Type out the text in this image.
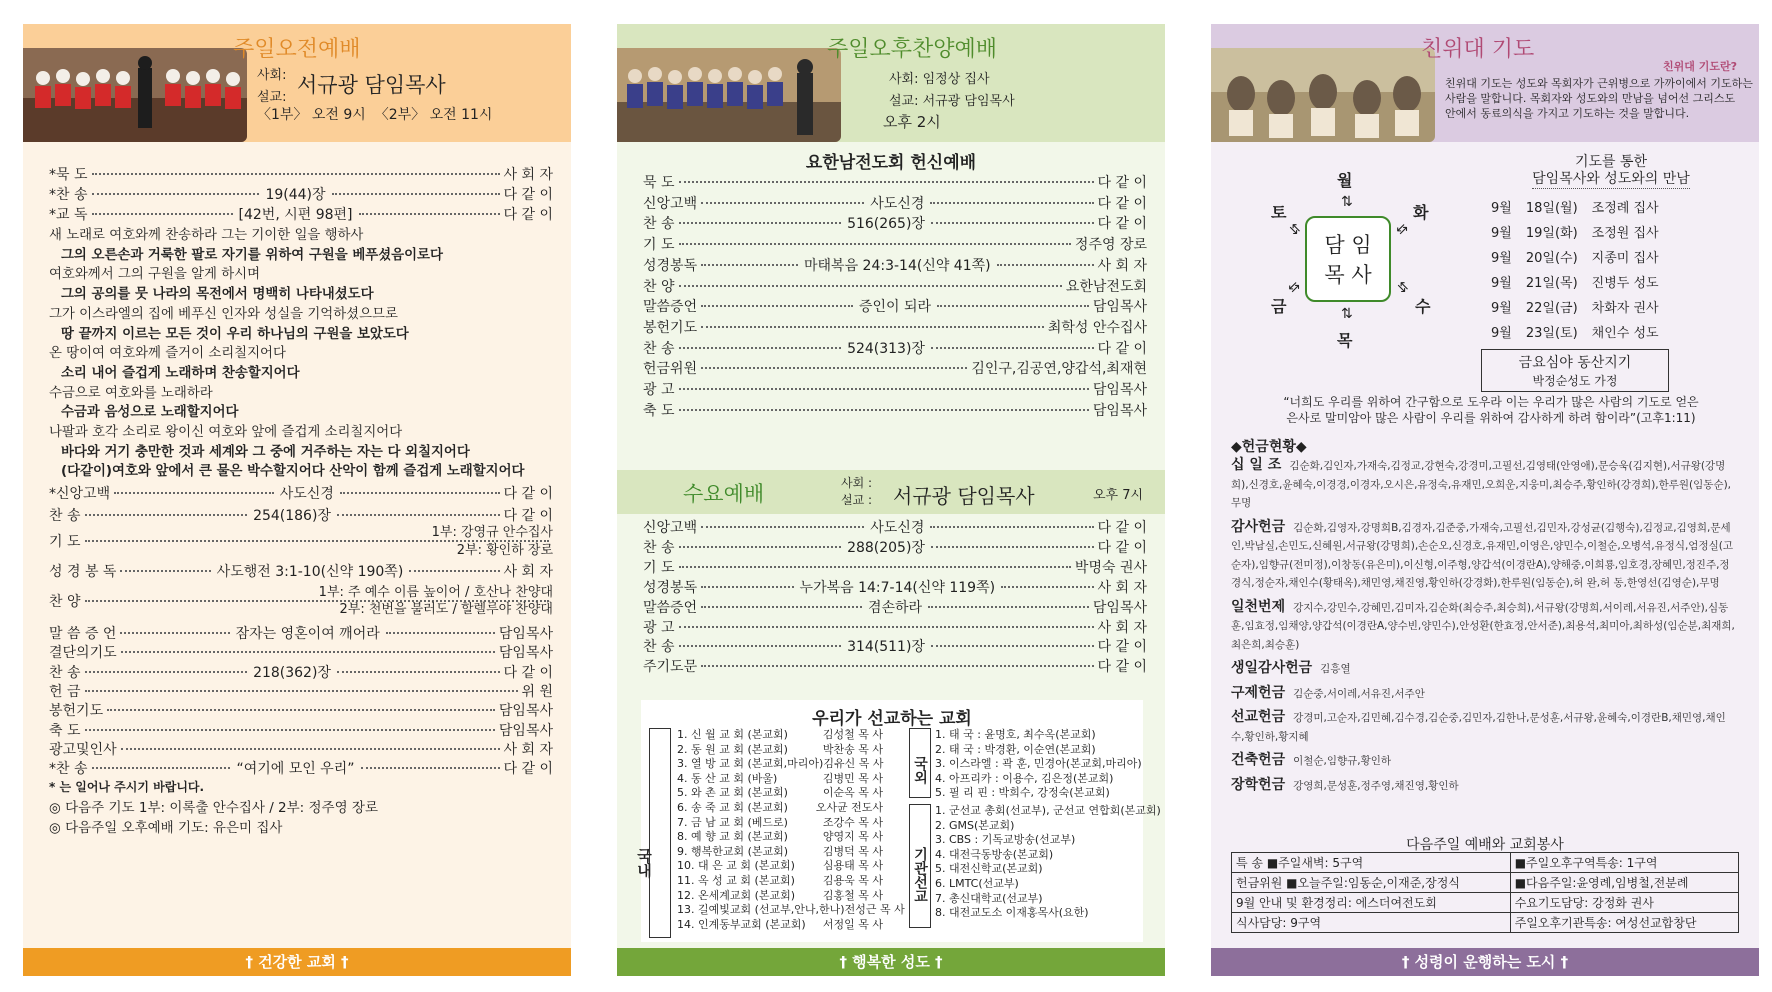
주일오전예배
사회:
설교:
서규광 담임목사
〈1부〉 오전 9시  〈2부〉 오전 11시
*묵 도	사 회 자
*찬 송	19(44)장	다 같 이
*교 독	[42번, 시편 98편]	다 같 이
새 노래로 여호와께 찬송하라 그는 기이한 일을 행하사
그의 오른손과 거룩한 팔로 자기를 위하여 구원을 베푸셨음이로다
여호와께서 그의 구원을 알게 하시며
그의 공의를 뭇 나라의 목전에서 명백히 나타내셨도다
그가 이스라엘의 집에 베푸신 인자와 성실을 기억하셨으므로
땅 끝까지 이르는 모든 것이 우리 하나님의 구원을 보았도다
온 땅이여 여호와께 즐거이 소리칠지어다
소리 내어 즐겁게 노래하며 찬송할지어다
수금으로 여호와를 노래하라
수금과 음성으로 노래할지어다
나팔과 호각 소리로 왕이신 여호와 앞에 즐겁게 소리칠지어다
바다와 거기 충만한 것과 세계와 그 중에 거주하는 자는 다 외칠지어다
(다같이)여호와 앞에서 큰 물은 박수할지어다 산악이 함께 즐겁게 노래할지어다
*신앙고백	사도신경	다 같 이
찬 송	254(186)장	다 같 이
기 도
1부: 강영규 안수집사
2부: 황인하 장로
성 경 봉 독	사도행전 3:1-10(신약 190쪽)	사 회 자
찬 양
1부: 주 예수 이름 높이어 / 호산나 찬양대
2부: 천번을 불러도 / 할렐루야 찬양대
말 씀 증 언	잠자는 영혼이여 깨어라	담임목사
결단의기도	담임목사
찬 송	218(362)장	다 같 이
헌 금	위 원
봉헌기도	담임목사
축 도	담임목사
광고및인사	사 회 자
*찬 송	“여기에 모인 우리”	다 같 이
* 는 일어나 주시기 바랍니다.
◎ 다음주 기도 1부: 이록출 안수집사 / 2부: 정주영 장로
◎ 다음주일 오후예배 기도: 유은미 집사
† 건강한 교회 †
주일오후찬양예배
사회: 임정상 집사
설교: 서규광 담임목사
오후 2시
요한남전도회 헌신예배
묵 도	다 같 이
신앙고백	사도신경	다 같 이
찬 송	516(265)장	다 같 이
기 도	정주영 장로
성경봉독	마태복음 24:3-14(신약 41쪽)	사 회 자
찬 양	요한남전도회
말씀증언	증인이 되라	담임목사
봉헌기도	최학성 안수집사
찬 송	524(313)장	다 같 이
헌금위원	김인구,김공연,양갑석,최재현
광 고	담임목사
축 도	담임목사
수요예배	사회 :
설교 : 서규광 담임목사	오후 7시
신앙고백	사도신경	다 같 이
찬 송	288(205)장	다 같 이
기 도	박명숙 권사
성경봉독	누가복음 14:7-14(신약 119쪽)	사 회 자
말씀증언	겸손하라	담임목사
광 고	사 회 자
찬 송	314(511)장	다 같 이
주기도문	다 같 이
우리가 선교하는 교회
국내
1. 신 월 교 회 (본교회)	김성철 목 사
2. 동 원 교 회 (본교회)	박찬송 목 사
3. 열 방 교 회 (본교회,마리아) 김유신 목 사
4. 동 산 교 회 (바울)	김병민 목 사
5. 와 촌 교 회 (본교회)	이순옥 목 사
6. 송 죽 교 회 (본교회)	오사균 전도사
7. 금 남 교 회 (베드로)	조강수 목 사
8. 예 향 교 회 (본교회)	양영지 목 사
9. 행복한교회 (본교회)	김병덕 목 사
10. 대 은 교 회 (본교회)	심용태 목 사
11. 옥 성 교 회 (본교회)	김용욱 목 사
12. 온세계교회 (본교회)	김홍철 목 사
13. 길예빛교회 (선교부,안나,한나) 전성근 목 사
14. 인계동부교회 (본교회) 서정일 목 사
국외
1. 태 국 : 윤명호, 최수옥(본교회)
2. 태 국 : 박경환, 이순연(본교회)
3. 이스라엘 : 곽 훈, 민경아(본교회,마리아)
4. 아프리카 : 이용수, 김은정(본교회)
5. 필 리 핀 : 박희수, 강정숙(본교회)
기관선교
1. 군선교 총회(선교부), 군선교 연합회(본교회)
2. GMS(본교회)
3. CBS : 기독교방송(선교부)
4. 대전극동방송(본교회)
5. 대전신학교(본교회)
6. LMTC(선교부)
7. 총신대학교(선교부)
8. 대전교도소 이재홍목사(요한)
† 행복한 성도 †
친위대 기도
친위대 기도란?
친위대 기도는 성도와 목회자가 근위병으로 가까이에서 기도하는
사람을 말합니다. 목회자와 성도와의 만남을 넘어선 그리스도
안에서 동료의식을 가지고 기도하는 것을 말합니다.
월
⇅
토
⇆
화
⇆
담 임
목 사
금
⇆
수
⇆
⇅
목
기도를 통한
담임목사와 성도와의 만남
9월	18일(월)	조정례 집사
9월	19일(화)	조정원 집사
9월	20일(수)	지종미 집사
9월	21일(목)	진병두 성도
9월	22일(금)	차화자 권사
9월	23일(토)	채인수 성도
금요심야 동산지기
박정순성도 가정
“너희도 우리를 위하여 간구함으로 도우라 이는 우리가 많은 사람의 기도로 얻은
은사로 말미암아 많은 사람이 우리를 위하여 감사하게 하려 함이라”(고후1:11)
◆헌금현황◆
십 일 조 김순화,김인자,가재숙,김정교,강현숙,강경미,고필선,김영태(안영애),문승욱(김지현),서규왕(강명희),신경호,윤혜숙,이경경,이경자,오시은,유정숙,유재민,오희운,지웅미,최승주,황인하(강경희),한루원(임동순),무명
감사헌금 김순화,김영자,강명희B,김경자,김준중,가재숙,고필선,김민자,강성균(김행숙),김정교,김영희,문세인,박남실,손민도,신혜원,서규왕(강명희),손순오,신경호,유재민,이영은,양민수,이철순,오병석,유정식,엄정실(고순자),임향규(전미정),이창동(유은미),이신형,이주형,양갑석(이경란A),양해중,이희룡,임호경,장혜민,정진주,정경식,정순자,채인수(황태옥),채민영,채진영,황인하(강경화),한루원(임동순),허 완,허 동,한영선(김영순),무명
일천번제 강지수,강민수,강혜민,김미자,김순화(최승주,최승희),서규왕(강명희,서이레,서유진,서주안),심동훈,임효정,임채양,양갑석(이경란A,양수빈,양민수),안성환(한효정,안서준),최용석,최미아,최하성(임순분,최재희,최은희,최승훈)
생일감사헌금 김흥열
구제헌금 김순중,서이레,서유진,서주안
선교헌금 강경미,고순자,김민혜,김수경,김순중,김민자,김한나,문성훈,서규왕,윤혜숙,이경란B,채민영,채인수,황인하,황지혜
건축헌금 이철순,임향규,황인하
장학헌금 강영희,문성훈,정주영,채진영,황인하
다음주일 예배와 교회봉사
특 송 ■주일새벽: 5구역	■주일오후구역특송: 1구역
헌금위원 ■오늘주일:임동순,이재준,장정식	■다음주일:윤영례,임병철,전분례
9월 안내 및 환경정리: 에스더여전도회	수요기도담당: 강정화 권사
식사담당: 9구역	주일오후기관특송: 여성선교합창단
† 성령이 운행하는 도시 †
